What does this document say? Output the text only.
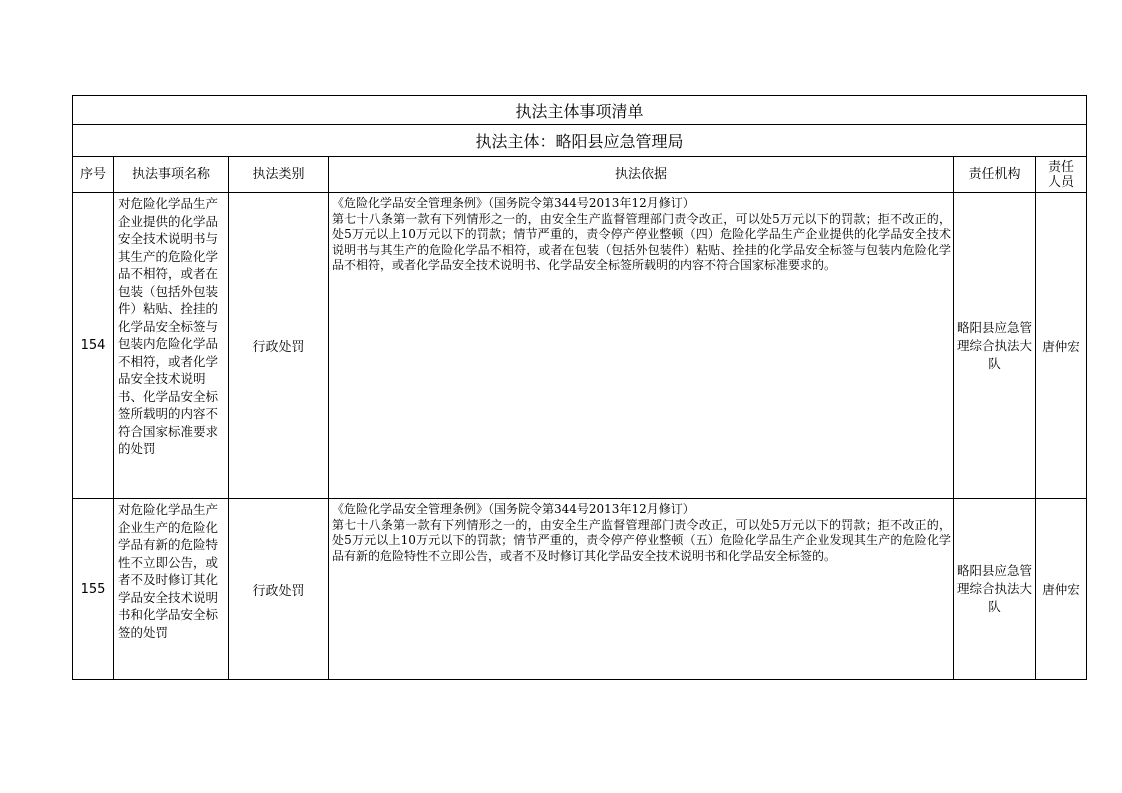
执法主体事项清单					
执法主体：略阳县应急管理局					
序号	执法事项名称	执法类别	执法依据	责任机构	责任人员
154	对危险化学品生产企业提供的化学品安全技术说明书与其生产的危险化学品不相符，或者在包装（包括外包装件）粘贴、拴挂的化学品安全标签与包装内危险化学品不相符，或者化学品安全技术说明书、化学品安全标签所载明的内容不符合国家标准要求的处罚	行政处罚	《危险化学品安全管理条例》（国务院令第344号2013年12月修订）
第七十八条第一款有下列情形之一的，由安全生产监督管理部门责令改正，可以处5万元以下的罚款；拒不改正的，处5万元以上10万元以下的罚款；情节严重的，责令停产停业整顿（四）危险化学品生产企业提供的化学品安全技术说明书与其生产的危险化学品不相符，或者在包装（包括外包装件）粘贴、拴挂的化学品安全标签与包装内危险化学品不相符，或者化学品安全技术说明书、化学品安全标签所载明的内容不符合国家标准要求的。	略阳县应急管理综合执法大队	唐仲宏
155	对危险化学品生产企业生产的危险化学品有新的危险特性不立即公告，或者不及时修订其化学品安全技术说明书和化学品安全标签的处罚	行政处罚	《危险化学品安全管理条例》（国务院令第344号2013年12月修订）
第七十八条第一款有下列情形之一的，由安全生产监督管理部门责令改正，可以处5万元以下的罚款；拒不改正的，处5万元以上10万元以下的罚款；情节严重的，责令停产停业整顿（五）危险化学品生产企业发现其生产的危险化学品有新的危险特性不立即公告，或者不及时修订其化学品安全技术说明书和化学品安全标签的。	略阳县应急管理综合执法大队	唐仲宏
